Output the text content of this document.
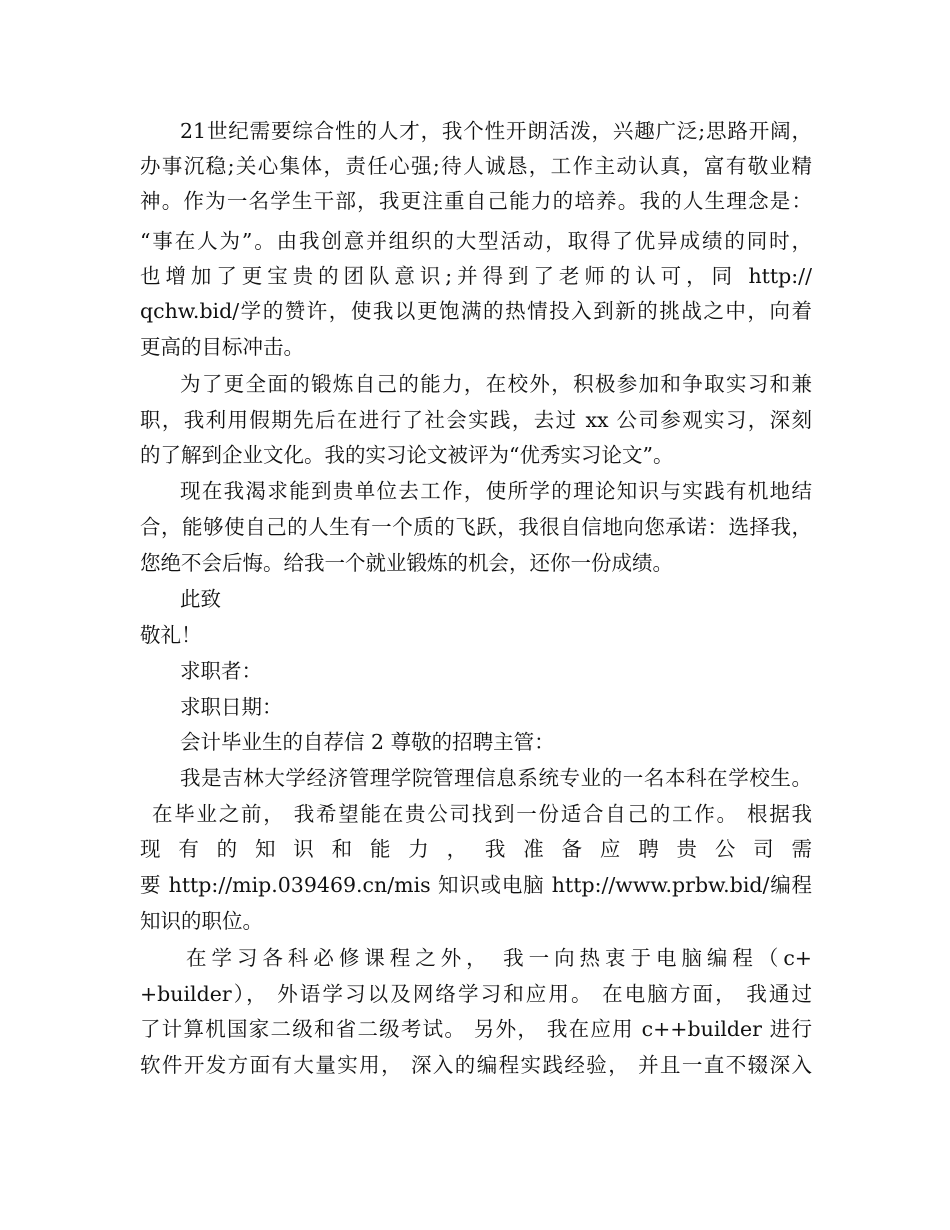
21世纪需要综合性的人才，我个性开朗活泼，兴趣广泛;思路开阔，
办事沉稳;关心集体，责任心强;待人诚恳，工作主动认真，富有敬业精
神。作为一名学生干部，我更注重自己能力的培养。我的人生理念是：
“事在人为”。由我创意并组织的大型活动，取得了优异成绩的同时，
也增加了更宝贵的团队意识;并得到了老师的认可，同 http://
qchw.bid/学的赞许，使我以更饱满的热情投入到新的挑战之中，向着
更高的目标冲击。
为了更全面的锻炼自己的能力，在校外，积极参加和争取实习和兼
职，我利用假期先后在进行了社会实践，去过 xx 公司参观实习，深刻
的了解到企业文化。我的实习论文被评为“优秀实习论文”。
现在我渴求能到贵单位去工作，使所学的理论知识与实践有机地结
合，能够使自己的人生有一个质的飞跃，我很自信地向您承诺：选择我，
您绝不会后悔。给我一个就业锻炼的机会，还你一份成绩。
此致
敬礼！
求职者：
求职日期：
会计毕业生的自荐信 2 尊敬的招聘主管：
我是吉林大学经济管理学院管理信息系统专业的一名本科在学校生。
在毕业之前， 我希望能在贵公司找到一份适合自己的工作。 根据我
现 有 的 知 识 和 能 力 ， 我 准 备 应 聘 贵 公 司 需
要 http://mip.039469.cn/mis 知识或电脑 http://www.prbw.bid/编程
知识的职位。
在学习各科必修课程之外， 我一向热衷于电脑编程（c+
+builder）， 外语学习以及网络学习和应用。 在电脑方面， 我通过
了计算机国家二级和省二级考试。 另外， 我在应用 c++builder 进行
软件开发方面有大量实用， 深入的编程实践经验， 并且一直不辍深入
